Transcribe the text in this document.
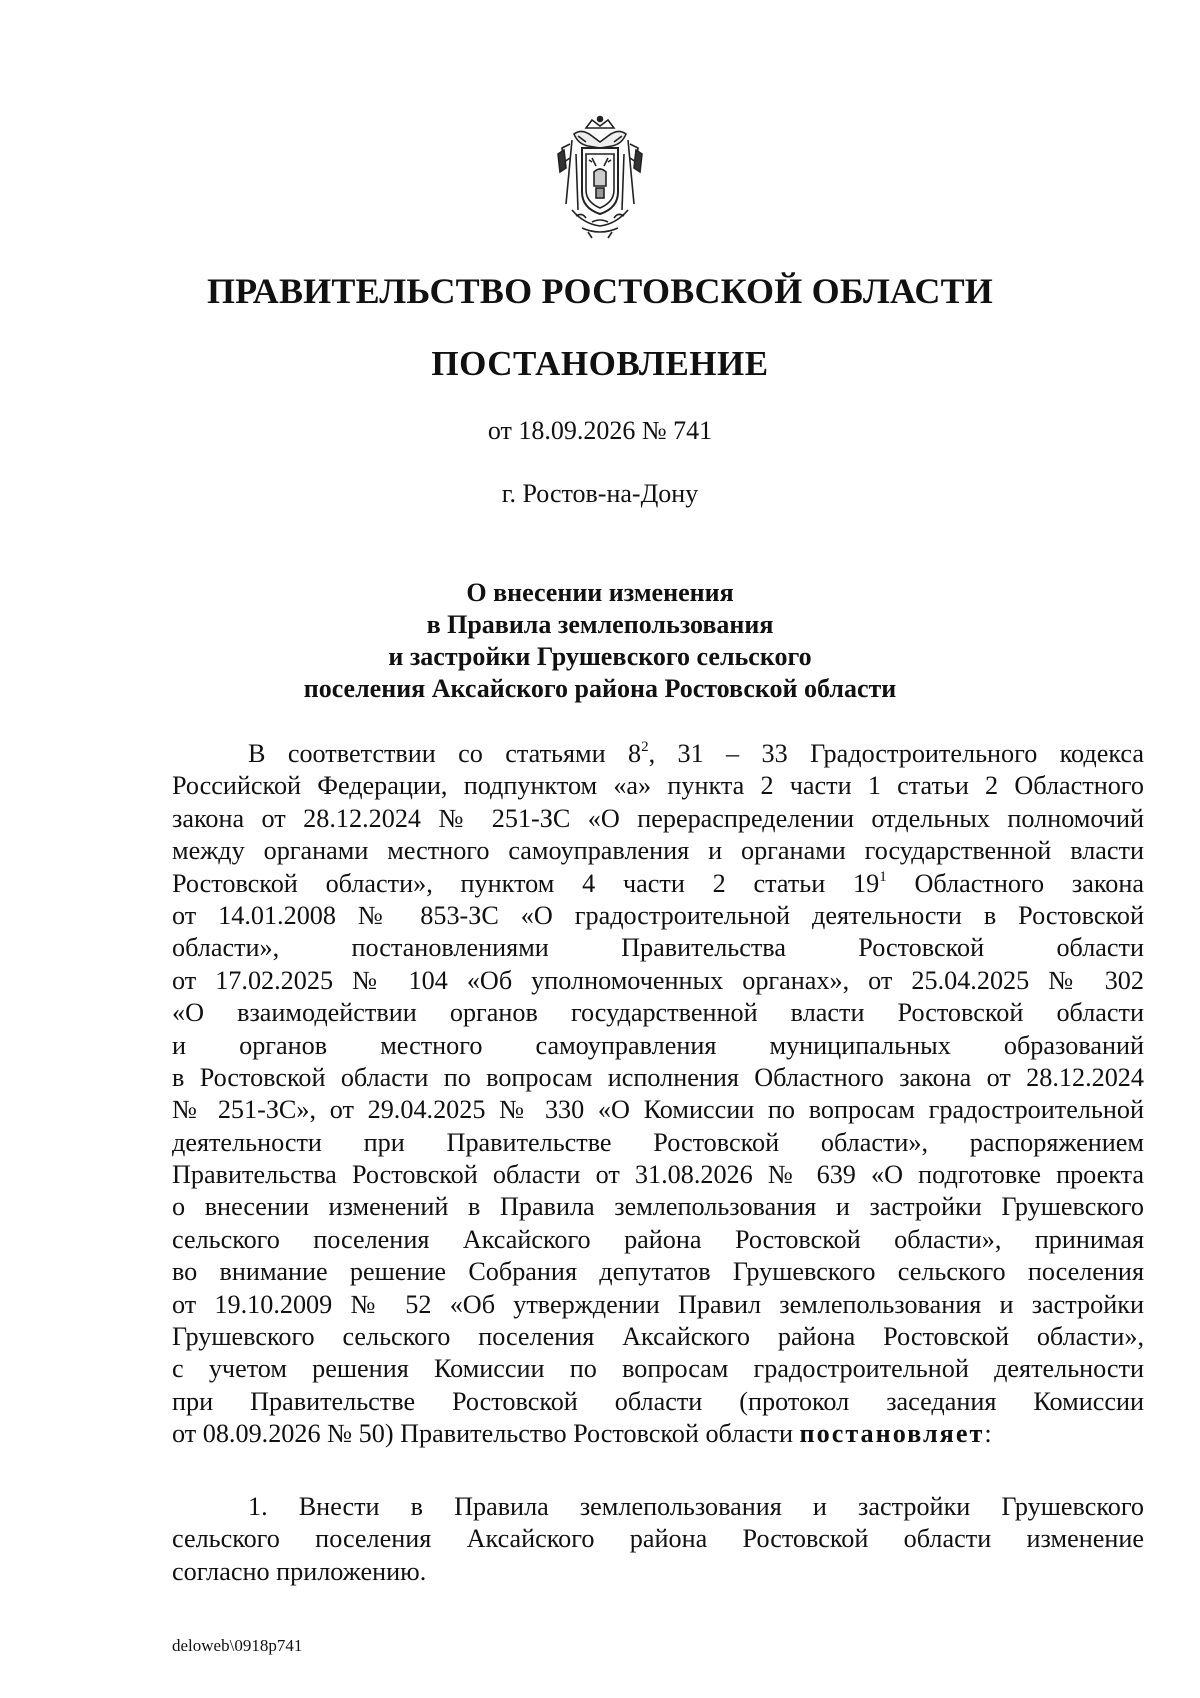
ПРАВИТЕЛЬСТВО РОСТОВСКОЙ ОБЛАСТИ
ПОСТАНОВЛЕНИЕ
от 18.09.2026 № 741
г. Ростов-на-Дону
О внесении изменения
в Правила землепользования
и застройки Грушевского сельского
поселения Аксайского района Ростовской области
В соответствии со статьями $8^2$, 31 – 33 Градостроительного кодекса
Российской Федерации, подпунктом «а» пункта 2 части 1 статьи 2 Областного
закона от 28.12.2024 № 251-ЗС «О перераспределении отдельных полномочий
между органами местного самоуправления и органами государственной власти
Ростовской области», пунктом 4 части 2 статьи $19^1$ Областного закона
от 14.01.2008 № 853-ЗС «О градостроительной деятельности в Ростовской
области», постановлениями Правительства Ростовской области
от 17.02.2025 № 104 «Об уполномоченных органах», от 25.04.2025 № 302
«О взаимодействии органов государственной власти Ростовской области
и органов местного самоуправления муниципальных образований
в Ростовской области по вопросам исполнения Областного закона от 28.12.2024
№ 251-ЗС», от 29.04.2025 № 330 «О Комиссии по вопросам градостроительной
деятельности при Правительстве Ростовской области», распоряжением
Правительства Ростовской области от 31.08.2026 № 639 «О подготовке проекта
о внесении изменений в Правила землепользования и застройки Грушевского
сельского поселения Аксайского района Ростовской области», принимая
во внимание решение Собрания депутатов Грушевского сельского поселения
от 19.10.2009 № 52 «Об утверждении Правил землепользования и застройки
Грушевского сельского поселения Аксайского района Ростовской области»,
с учетом решения Комиссии по вопросам градостроительной деятельности
при Правительстве Ростовской области (протокол заседания Комиссии
от 08.09.2026 № 50) Правительство Ростовской области постановляет:
1. Внести в Правила землепользования и застройки Грушевского
сельского поселения Аксайского района Ростовской области изменение
согласно приложению.
deloweb\0918p741
